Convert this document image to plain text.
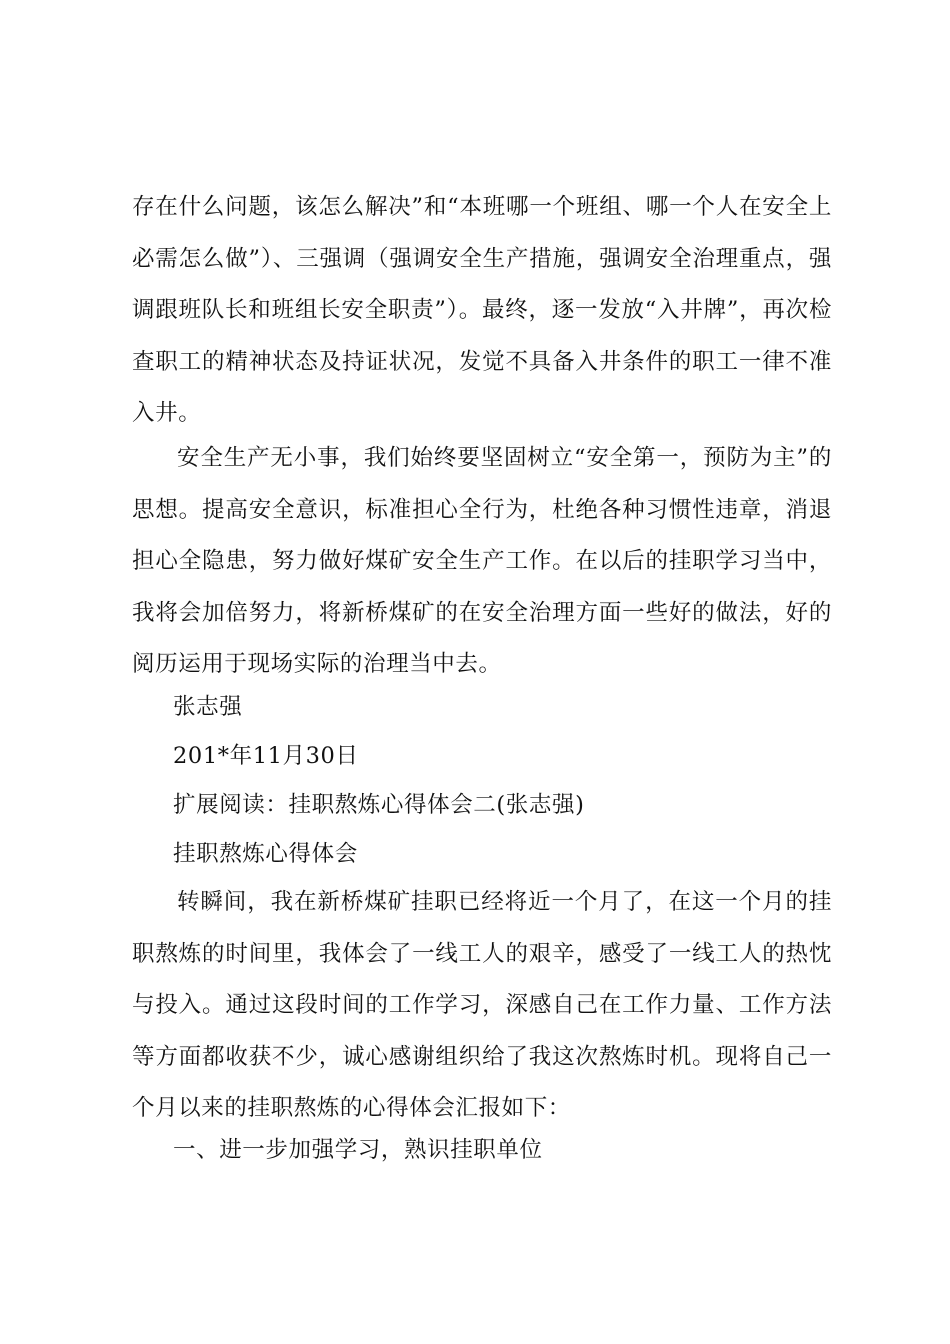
存在什么问题，该怎么解决”和“本班哪一个班组、哪一个人在安全上必需怎么做”）、三强调（强调安全生产措施，强调安全治理重点，强调跟班队长和班组长安全职责”）。最终，逐一发放“入井牌”，再次检查职工的精神状态及持证状况，发觉不具备入井条件的职工一律不准入井。

安全生产无小事，我们始终要坚固树立“安全第一，预防为主”的思想。提高安全意识，标准担心全行为，杜绝各种习惯性违章，消退担心全隐患，努力做好煤矿安全生产工作。在以后的挂职学习当中，我将会加倍努力，将新桥煤矿的在安全治理方面一些好的做法，好的阅历运用于现场实际的治理当中去。

张志强

201*年11月30日

扩展阅读：挂职熬炼心得体会二(张志强)

挂职熬炼心得体会

转瞬间，我在新桥煤矿挂职已经将近一个月了，在这一个月的挂职熬炼的时间里，我体会了一线工人的艰辛，感受了一线工人的热忱与投入。通过这段时间的工作学习，深感自己在工作力量、工作方法等方面都收获不少，诚心感谢组织给了我这次熬炼时机。现将自己一个月以来的挂职熬炼的心得体会汇报如下：

一、进一步加强学习，熟识挂职单位
